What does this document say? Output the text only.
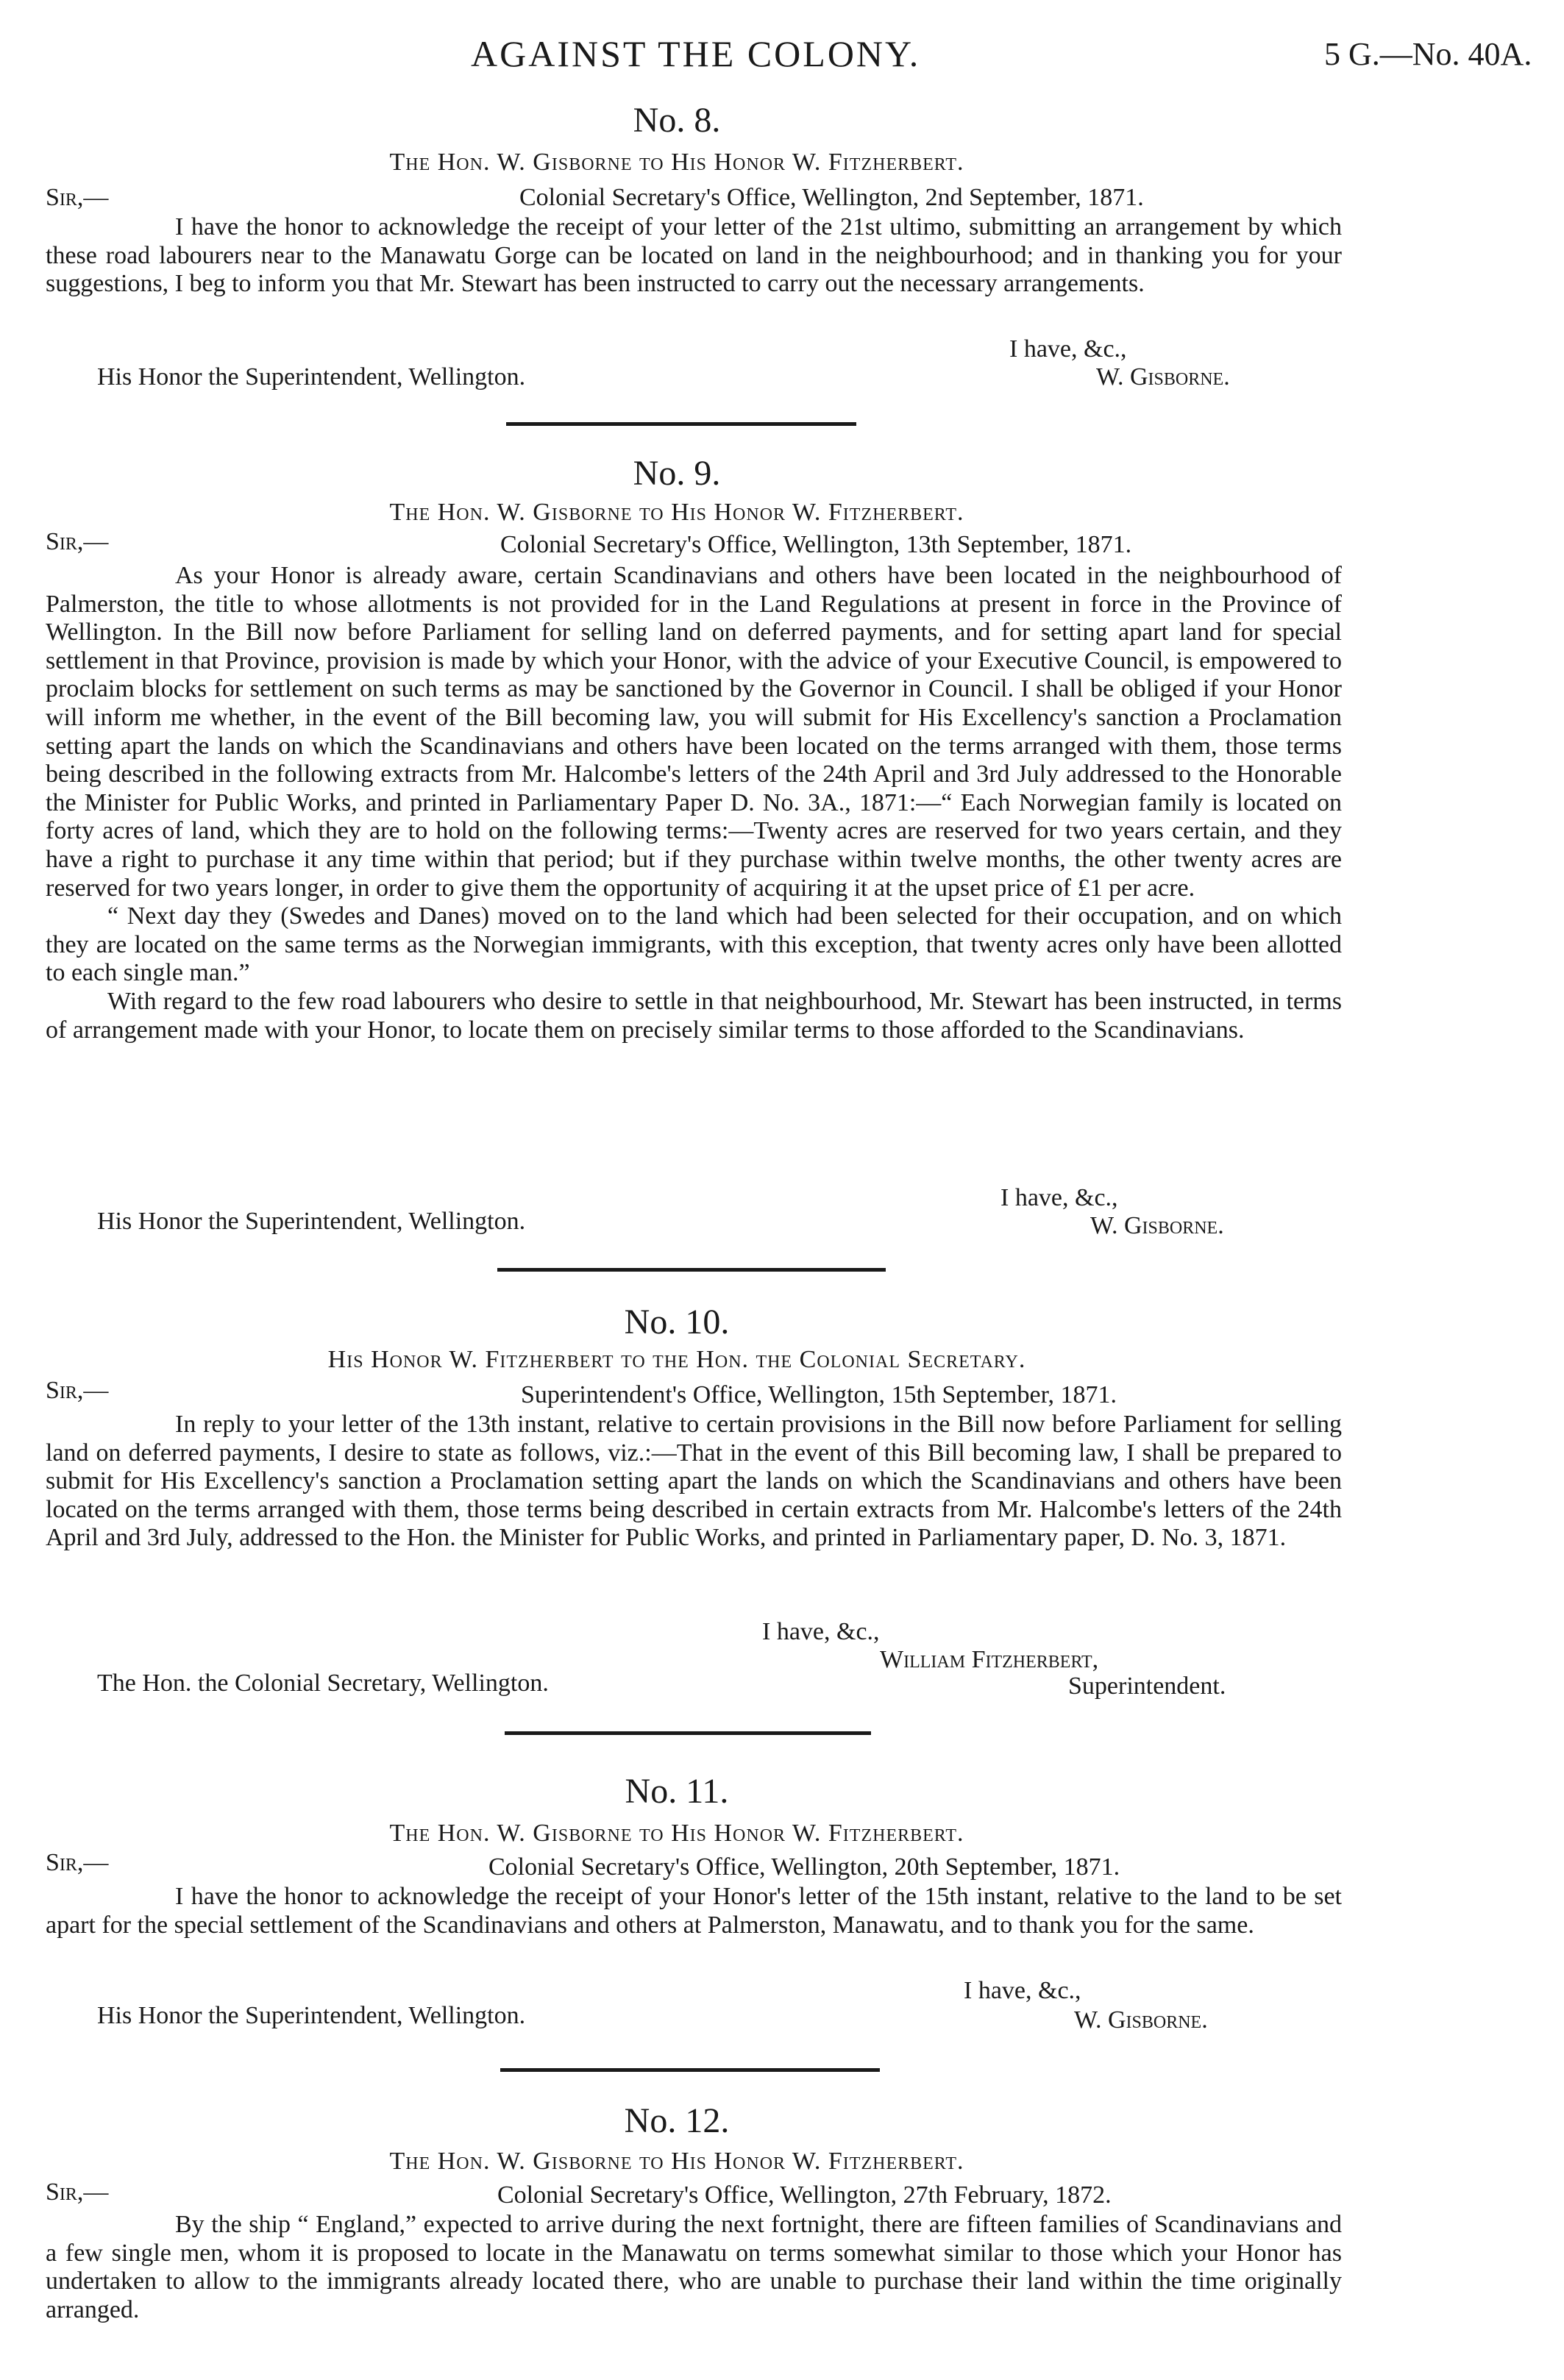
AGAINST THE COLONY.	5 G.—No. 40A.
No. 8.
The Hon. W. Gisborne to His Honor W. Fitzherbert.
Sir,—	Colonial Secretary's Office, Wellington, 2nd September, 1871.

I have the honor to acknowledge the receipt of your letter of the 21st ultimo, submitting an arrangement by which these road labourers near to the Manawatu Gorge can be located on land in the neighbourhood; and in thanking you for your suggestions, I beg to inform you that Mr. Stewart has been instructed to carry out the necessary arrangements.

I have, &c.,
His Honor the Superintendent, Wellington.	W. Gisborne.
No. 9.
The Hon. W. Gisborne to His Honor W. Fitzherbert.
Sir,—	Colonial Secretary's Office, Wellington, 13th September, 1871.

As your Honor is already aware, certain Scandinavians and others have been located in the neighbourhood of Palmerston, the title to whose allotments is not provided for in the Land Regulations at present in force in the Province of Wellington. In the Bill now before Parliament for selling land on deferred payments, and for setting apart land for special settlement in that Province, provision is made by which your Honor, with the advice of your Executive Council, is empowered to proclaim blocks for settlement on such terms as may be sanctioned by the Governor in Council. I shall be obliged if your Honor will inform me whether, in the event of the Bill becoming law, you will submit for His Excellency's sanction a Proclamation setting apart the lands on which the Scandinavians and others have been located on the terms arranged with them, those terms being described in the following extracts from Mr. Halcombe's letters of the 24th April and 3rd July addressed to the Honorable the Minister for Public Works, and printed in Parliamentary Paper D. No. 3A., 1871:—“ Each Norwegian family is located on forty acres of land, which they are to hold on the following terms:—Twenty acres are reserved for two years certain, and they have a right to purchase it any time within that period; but if they purchase within twelve months, the other twenty acres are reserved for two years longer, in order to give them the opportunity of acquiring it at the upset price of £1 per acre.

“ Next day they (Swedes and Danes) moved on to the land which had been selected for their occupation, and on which they are located on the same terms as the Norwegian immigrants, with this exception, that twenty acres only have been allotted to each single man.”

With regard to the few road labourers who desire to settle in that neighbourhood, Mr. Stewart has been instructed, in terms of arrangement made with your Honor, to locate them on precisely similar terms to those afforded to the Scandinavians.

I have, &c.,
His Honor the Superintendent, Wellington.	W. Gisborne.
No. 10.
His Honor W. Fitzherbert to the Hon. the Colonial Secretary.
Sir,—	Superintendent's Office, Wellington, 15th September, 1871.

In reply to your letter of the 13th instant, relative to certain provisions in the Bill now before Parliament for selling land on deferred payments, I desire to state as follows, viz.:—That in the event of this Bill becoming law, I shall be prepared to submit for His Excellency's sanction a Proclamation setting apart the lands on which the Scandinavians and others have been located on the terms arranged with them, those terms being described in certain extracts from Mr. Halcombe's letters of the 24th April and 3rd July, addressed to the Hon. the Minister for Public Works, and printed in Parliamentary paper, D. No. 3, 1871.

I have, &c.,
William Fitzherbert,
The Hon. the Colonial Secretary, Wellington.	Superintendent.
No. 11.
The Hon. W. Gisborne to His Honor W. Fitzherbert.
Sir,—	Colonial Secretary's Office, Wellington, 20th September, 1871.

I have the honor to acknowledge the receipt of your Honor's letter of the 15th instant, relative to the land to be set apart for the special settlement of the Scandinavians and others at Palmerston, Manawatu, and to thank you for the same.

I have, &c.,
His Honor the Superintendent, Wellington.	W. Gisborne.
No. 12.
The Hon. W. Gisborne to His Honor W. Fitzherbert.
Sir,—	Colonial Secretary's Office, Wellington, 27th February, 1872.

By the ship “ England,” expected to arrive during the next fortnight, there are fifteen families of Scandinavians and a few single men, whom it is proposed to locate in the Manawatu on terms somewhat similar to those which your Honor has undertaken to allow to the immigrants already located there, who are unable to purchase their land within the time originally arranged.
